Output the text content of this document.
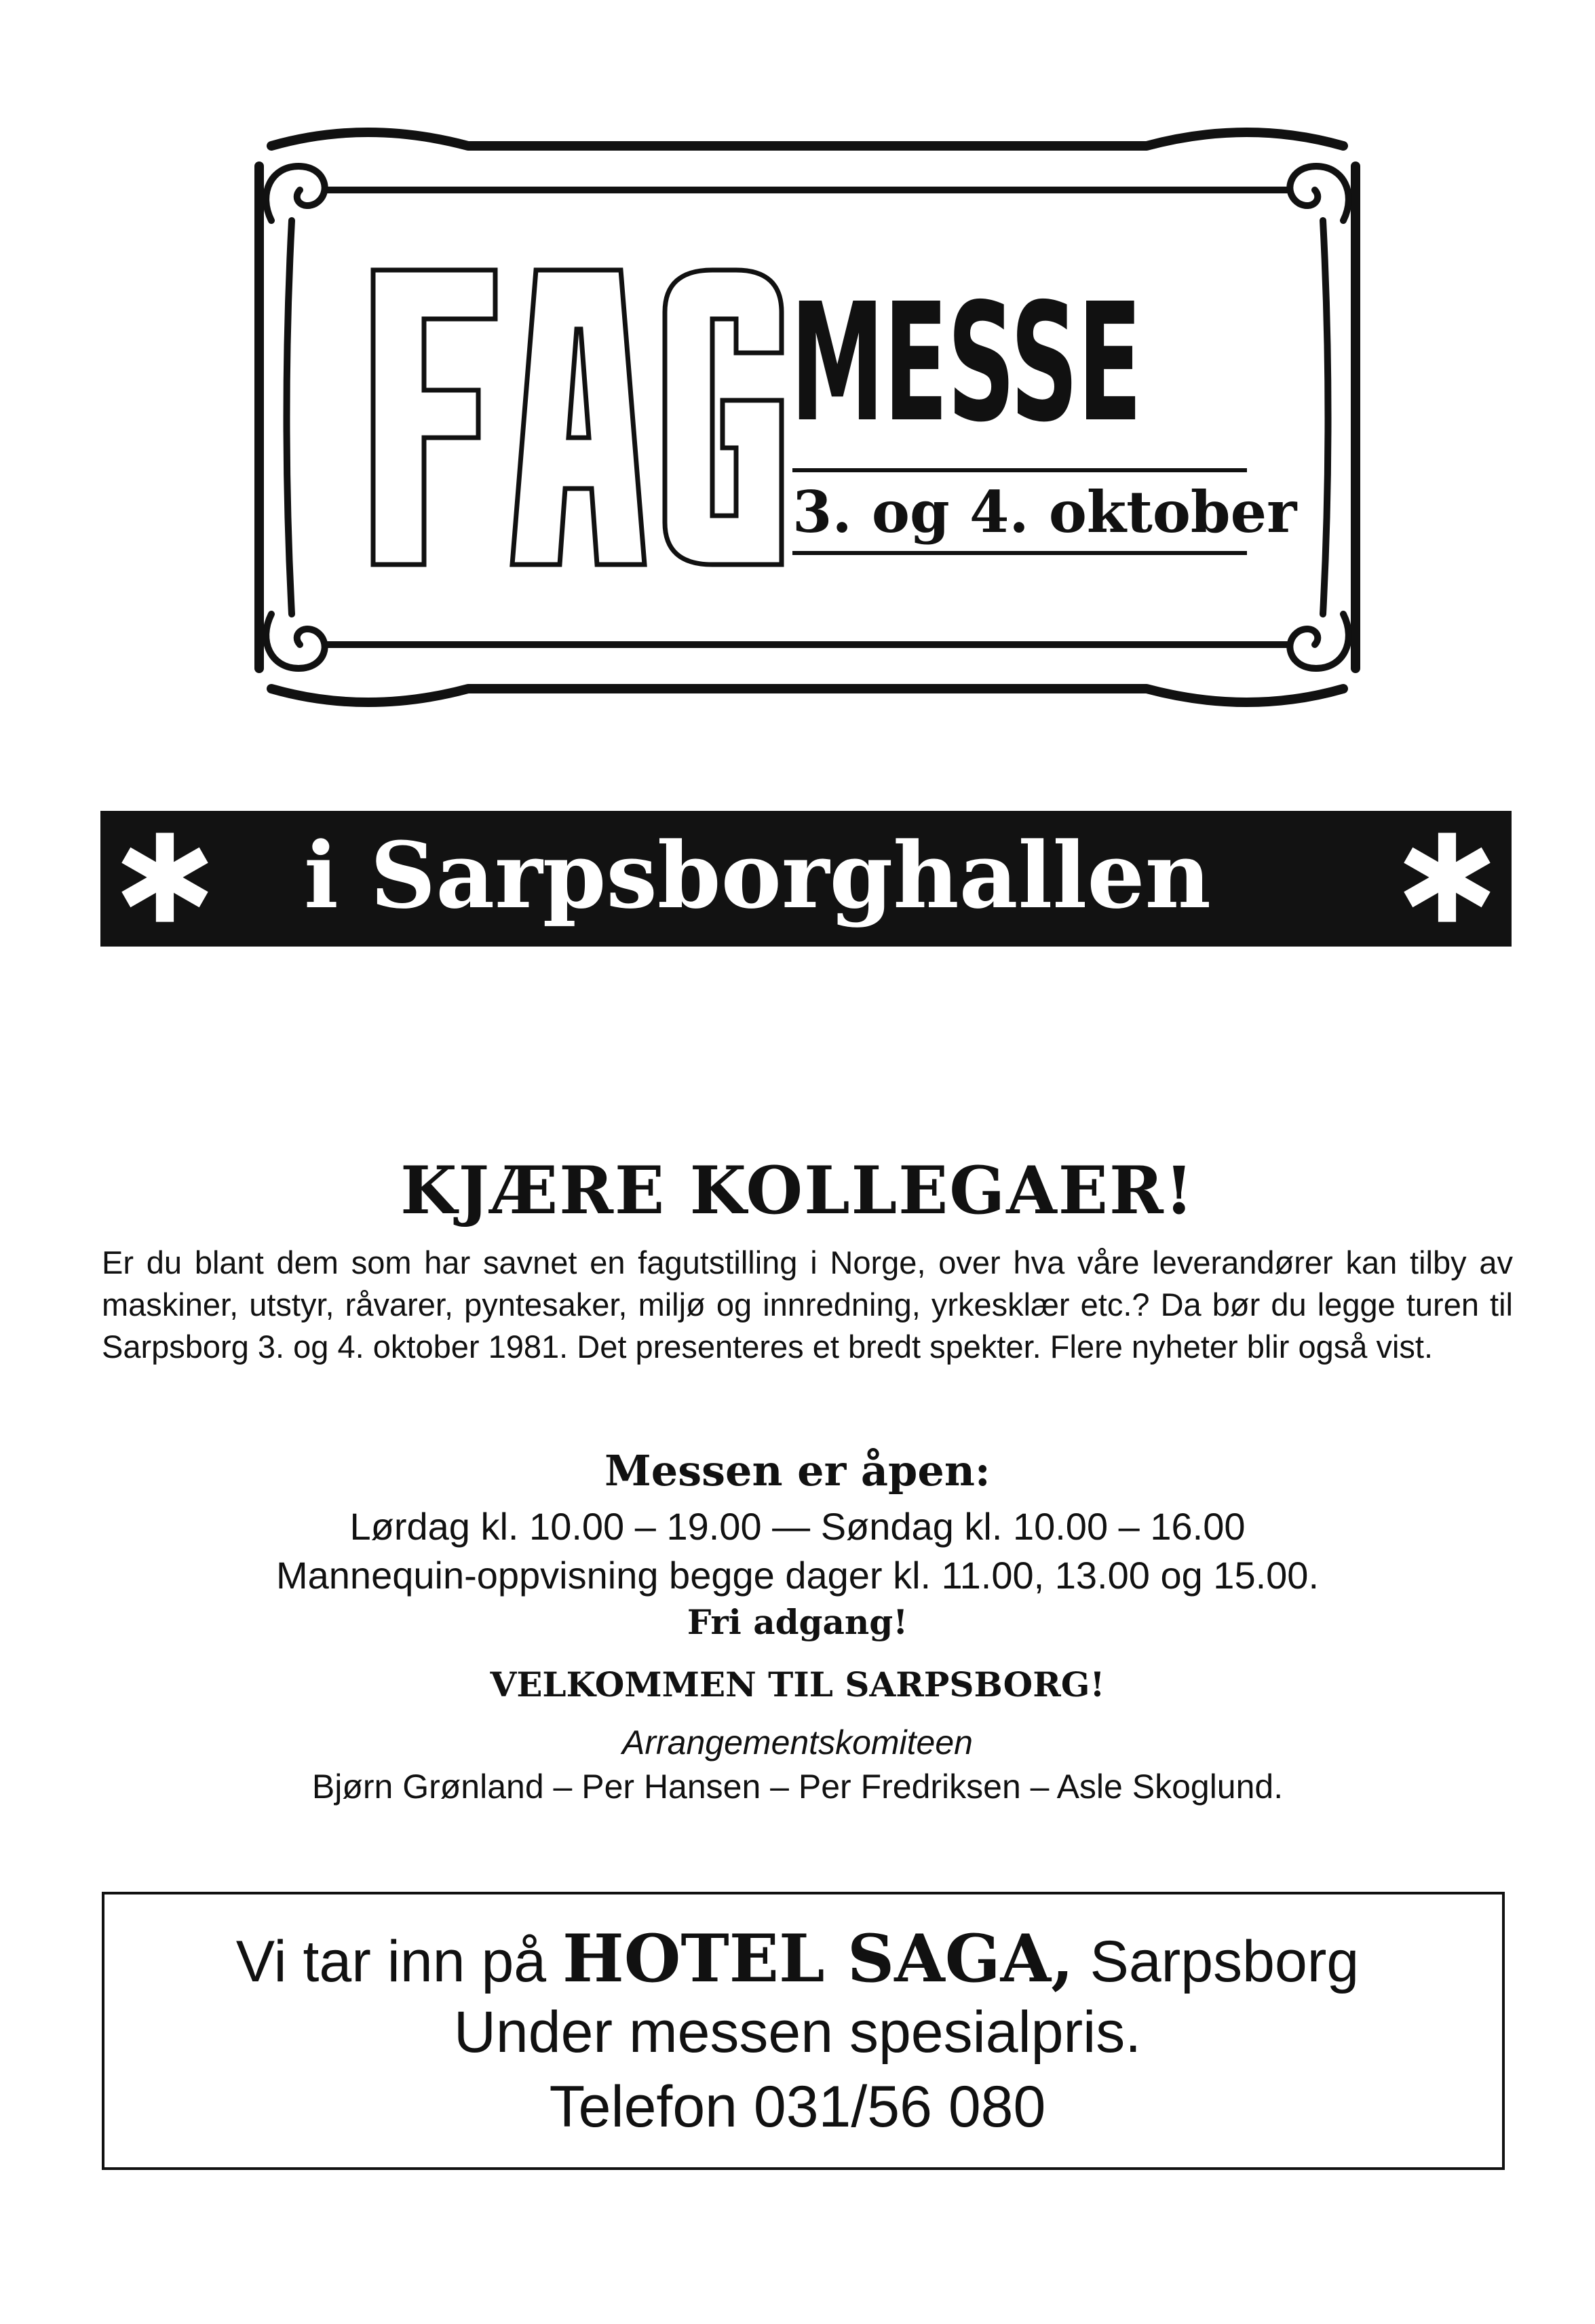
MESSE
3. og 4. oktober
i Sarpsborghallen
KJÆRE KOLLEGAER!

Er du blant dem som har savnet en fagutstilling i Norge, over hva våre leverandører kan tilby av maskiner, utstyr, råvarer, pyntesaker, miljø og innredning, yrkesklær etc.? Da bør du legge turen til Sarpsborg 3. og 4. oktober 1981. Det presenteres et bredt spekter. Flere nyheter blir også vist.

Messen er åpen:
Lørdag kl. 10.00 – 19.00 — Søndag kl. 10.00 – 16.00
Mannequin-oppvisning begge dager kl. 11.00, 13.00 og 15.00.
Fri adgang!
VELKOMMEN TIL SARPSBORG!
Arrangementskomiteen
Bjørn Grønland – Per Hansen – Per Fredriksen – Asle Skoglund.
Vi tar inn på HOTEL SAGA, Sarpsborg
Under messen spesialpris.
Telefon 031/56 080
